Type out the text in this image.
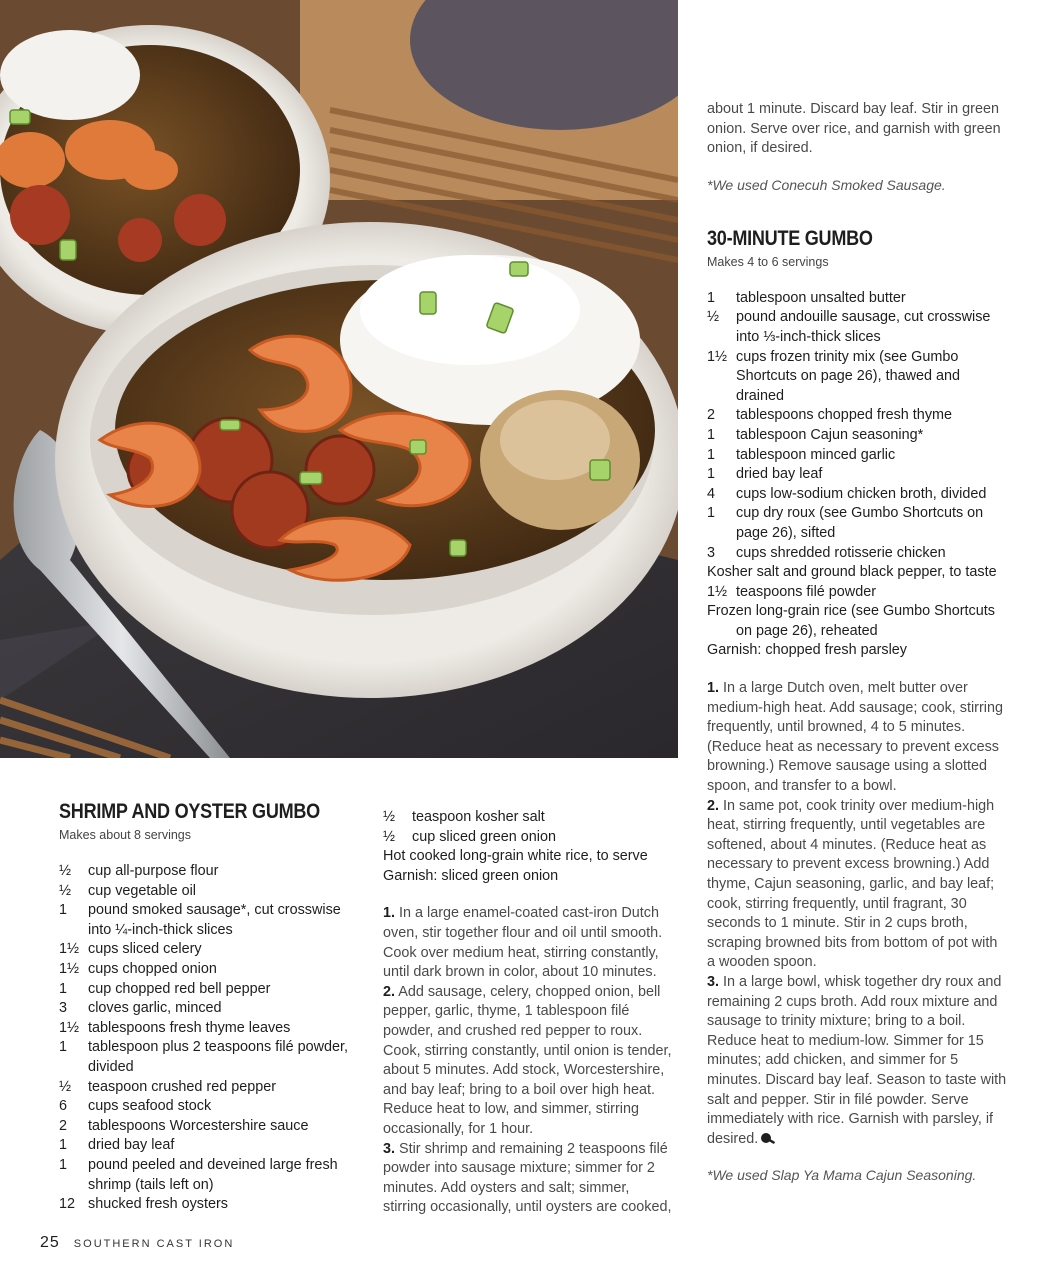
about 1 minute. Discard bay leaf. Stir in green onion. Serve over rice, and garnish with green onion, if desired.
*We used Conecuh Smoked Sausage.
30-MINUTE GUMBO
Makes 4 to 6 servings
1	tablespoon unsalted butter
½	pound andouille sausage, cut crosswise into ⅓-inch-thick slices
1½ cups frozen trinity mix (see Gumbo Shortcuts on page 26), thawed and drained
2	tablespoons chopped fresh thyme
1	tablespoon Cajun seasoning*
1	tablespoon minced garlic
1	dried bay leaf
4	cups low-sodium chicken broth, divided
1	cup dry roux (see Gumbo Shortcuts on page 26), sifted
3	cups shredded rotisserie chicken
Kosher salt and ground black pepper, to taste
1½ teaspoons filé powder
Frozen long-grain rice (see Gumbo Shortcuts on page 26), reheated
Garnish: chopped fresh parsley
1. In a large Dutch oven, melt butter over medium-high heat. Add sausage; cook, stirring frequently, until browned, 4 to 5 minutes. (Reduce heat as necessary to prevent excess browning.) Remove sausage using a slotted spoon, and transfer to a bowl.
2. In same pot, cook trinity over medium-high heat, stirring frequently, until vegetables are softened, about 4 minutes. (Reduce heat as necessary to prevent excess browning.) Add thyme, Cajun seasoning, garlic, and bay leaf; cook, stirring frequently, until fragrant, 30 seconds to 1 minute. Stir in 2 cups broth, scraping browned bits from bottom of pot with a wooden spoon.
3. In a large bowl, whisk together dry roux and remaining 2 cups broth. Add roux mixture and sausage to trinity mixture; bring to a boil. Reduce heat to medium-low. Simmer for 15 minutes; add chicken, and simmer for 5 minutes. Discard bay leaf. Season to taste with salt and pepper. Stir in filé powder. Serve immediately with rice. Garnish with parsley, if desired.
*We used Slap Ya Mama Cajun Seasoning.
SHRIMP AND OYSTER GUMBO
Makes about 8 servings
½	cup all-purpose flour
½	cup vegetable oil
1	pound smoked sausage*, cut crosswise into ¼-inch-thick slices
1½ cups sliced celery
1½ cups chopped onion
1	cup chopped red bell pepper
3	cloves garlic, minced
1½ tablespoons fresh thyme leaves
1	tablespoon plus 2 teaspoons filé powder, divided
½	teaspoon crushed red pepper
6	cups seafood stock
2	tablespoons Worcestershire sauce
1	dried bay leaf
1	pound peeled and deveined large fresh shrimp (tails left on)
12 shucked fresh oysters
½	teaspoon kosher salt
½	cup sliced green onion
Hot cooked long-grain white rice, to serve
Garnish: sliced green onion
1. In a large enamel-coated cast-iron Dutch oven, stir together flour and oil until smooth. Cook over medium heat, stirring constantly, until dark brown in color, about 10 minutes.
2. Add sausage, celery, chopped onion, bell pepper, garlic, thyme, 1 tablespoon filé powder, and crushed red pepper to roux. Cook, stirring constantly, until onion is tender, about 5 minutes. Add stock, Worcestershire, and bay leaf; bring to a boil over high heat. Reduce heat to low, and simmer, stirring occasionally, for 1 hour.
3. Stir shrimp and remaining 2 teaspoons filé powder into sausage mixture; simmer for 2 minutes. Add oysters and salt; simmer, stirring occasionally, until oysters are cooked,
25 SOUTHERN CAST IRON
